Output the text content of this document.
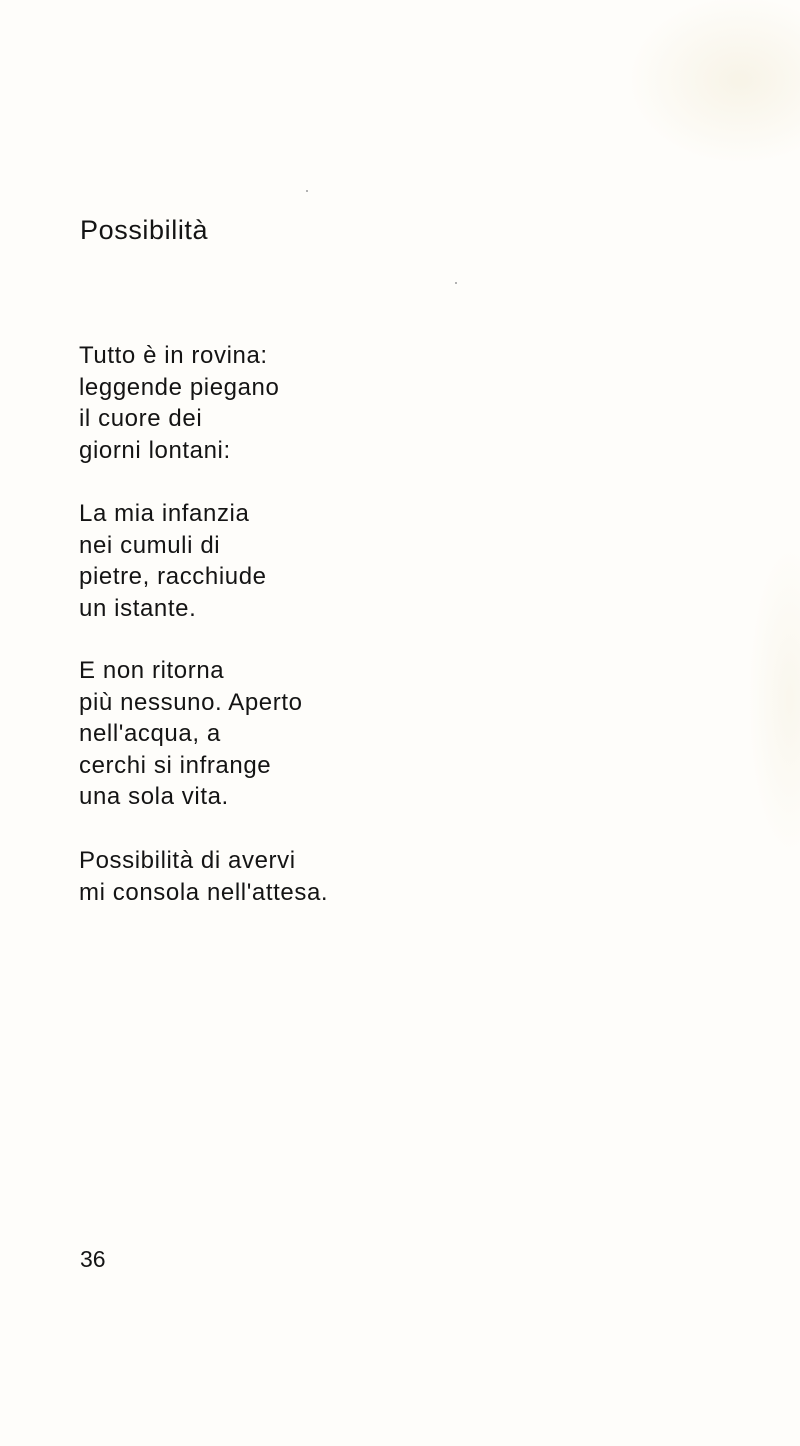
Possibilità
Tutto è in rovina:
leggende piegano
il cuore dei
giorni lontani:
La mia infanzia
nei cumuli di
pietre, racchiude
un istante.
E non ritorna
più nessuno. Aperto
nell'acqua, a
cerchi si infrange
una sola vita.
Possibilità di avervi
mi consola nell'attesa.
36
